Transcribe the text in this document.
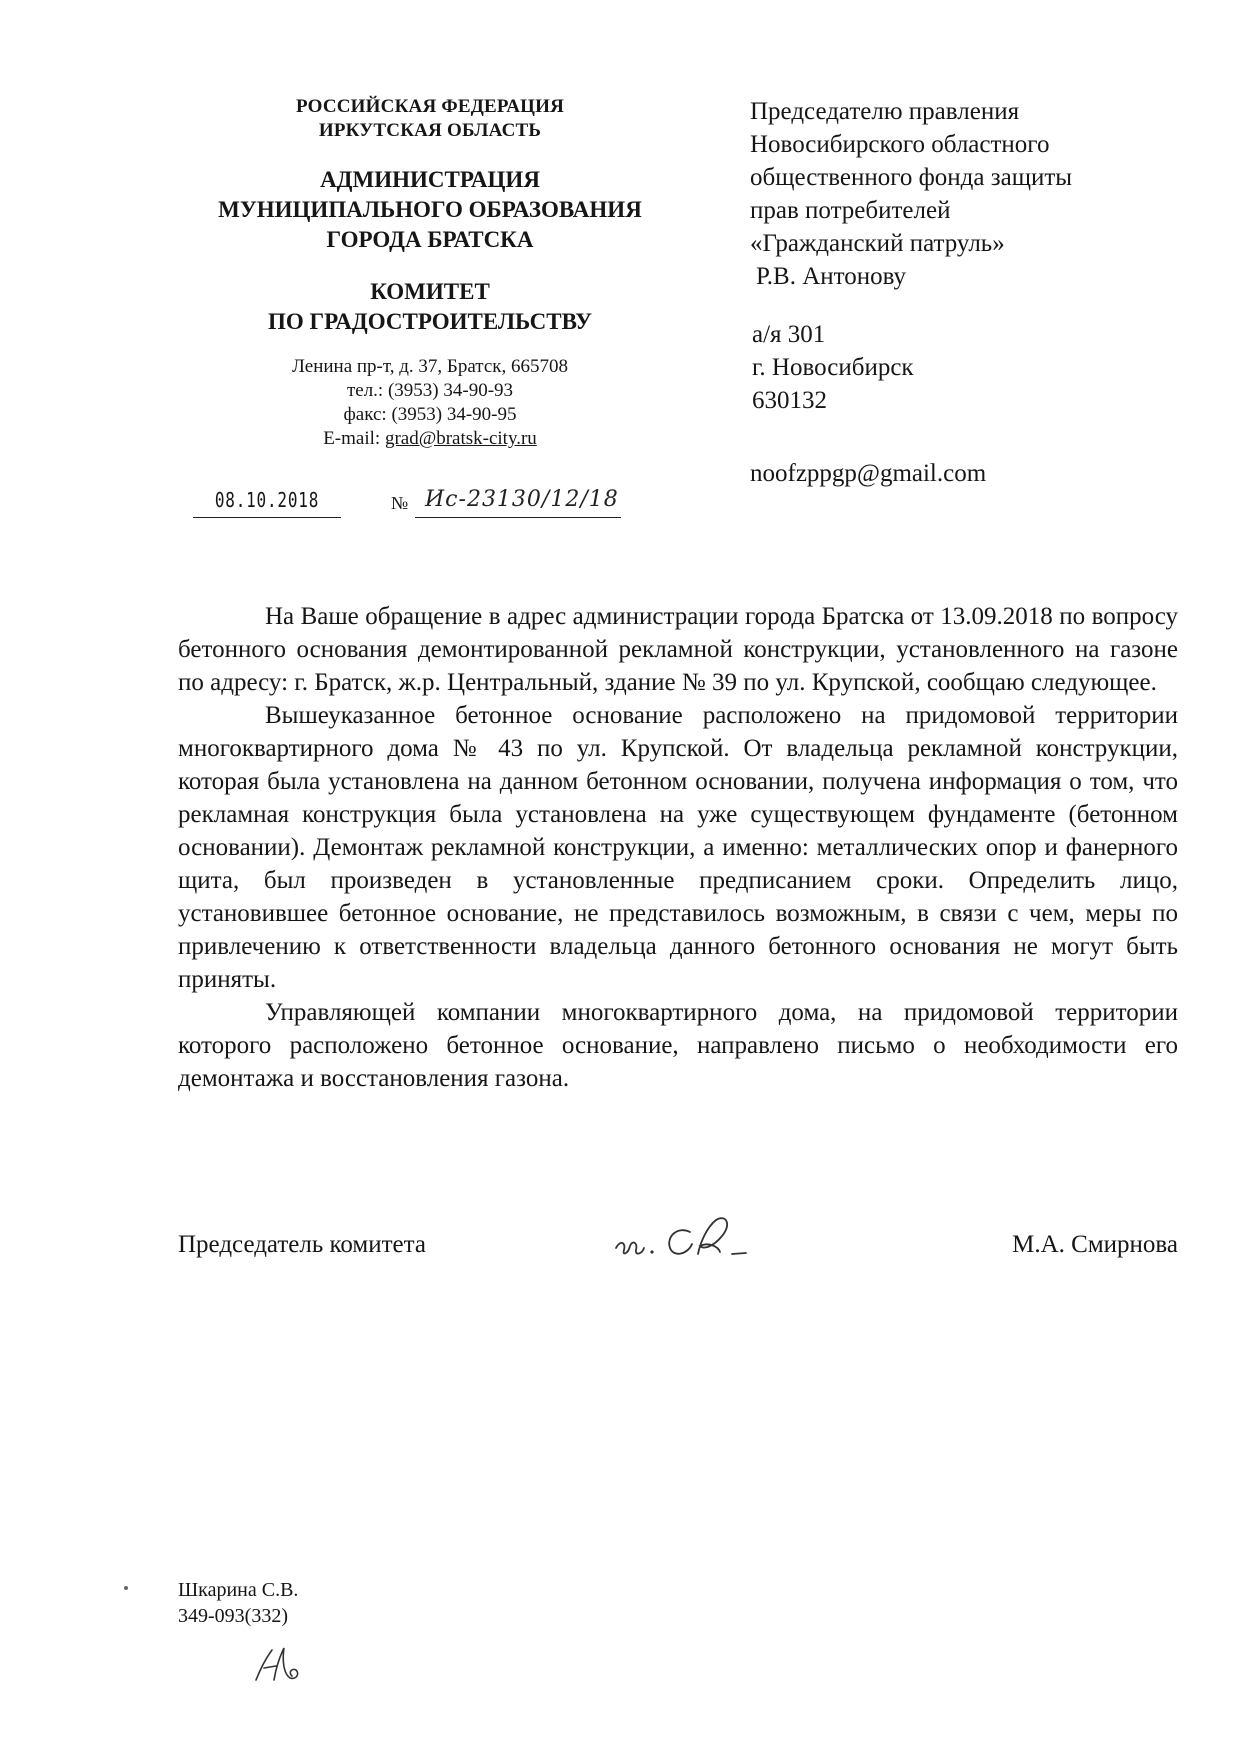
РОССИЙСКАЯ ФЕДЕРАЦИЯ
ИРКУТСКАЯ ОБЛАСТЬ
АДМИНИСТРАЦИЯ
МУНИЦИПАЛЬНОГО ОБРАЗОВАНИЯ
ГОРОДА БРАТСКА
КОМИТЕТ
ПО ГРАДОСТРОИТЕЛЬСТВУ
Ленина пр-т, д. 37, Братск, 665708
тел.: (3953) 34-90-93
факс: (3953) 34-90-95
E-mail: grad@bratsk-city.ru
08.10.2018	№ Ис-23130/12/18
Председателю правления
Новосибирского областного
общественного фонда защиты
прав потребителей
«Гражданский патруль»
Р.В. Антонову
а/я 301
г. Новосибирск
630132
noofzppgp@gmail.com

На Ваше обращение в адрес администрации города Братска от 13.09.2018 по вопросу бетонного основания демонтированной рекламной конструкции, установленного на газоне по адресу: г. Братск, ж.р. Центральный, здание № 39 по ул. Крупской, сообщаю следующее.

Вышеуказанное бетонное основание расположено на придомовой территории многоквартирного дома № 43 по ул. Крупской. От владельца рекламной конструкции, которая была установлена на данном бетонном основании, получена информация о том, что рекламная конструкция была установлена на уже существующем фундаменте (бетонном основании). Демонтаж рекламной конструкции, а именно: металлических опор и фанерного щита, был произведен в установленные предписанием сроки. Определить лицо, установившее бетонное основание, не представилось возможным, в связи с чем, меры по привлечению к ответственности владельца данного бетонного основания не могут быть приняты.

Управляющей компании многоквартирного дома, на придомовой территории которого расположено бетонное основание, направлено письмо о необходимости его демонтажа и восстановления газона.

Председатель комитета	М.А. Смирнова
Шкарина С.В.
349-093(332)
